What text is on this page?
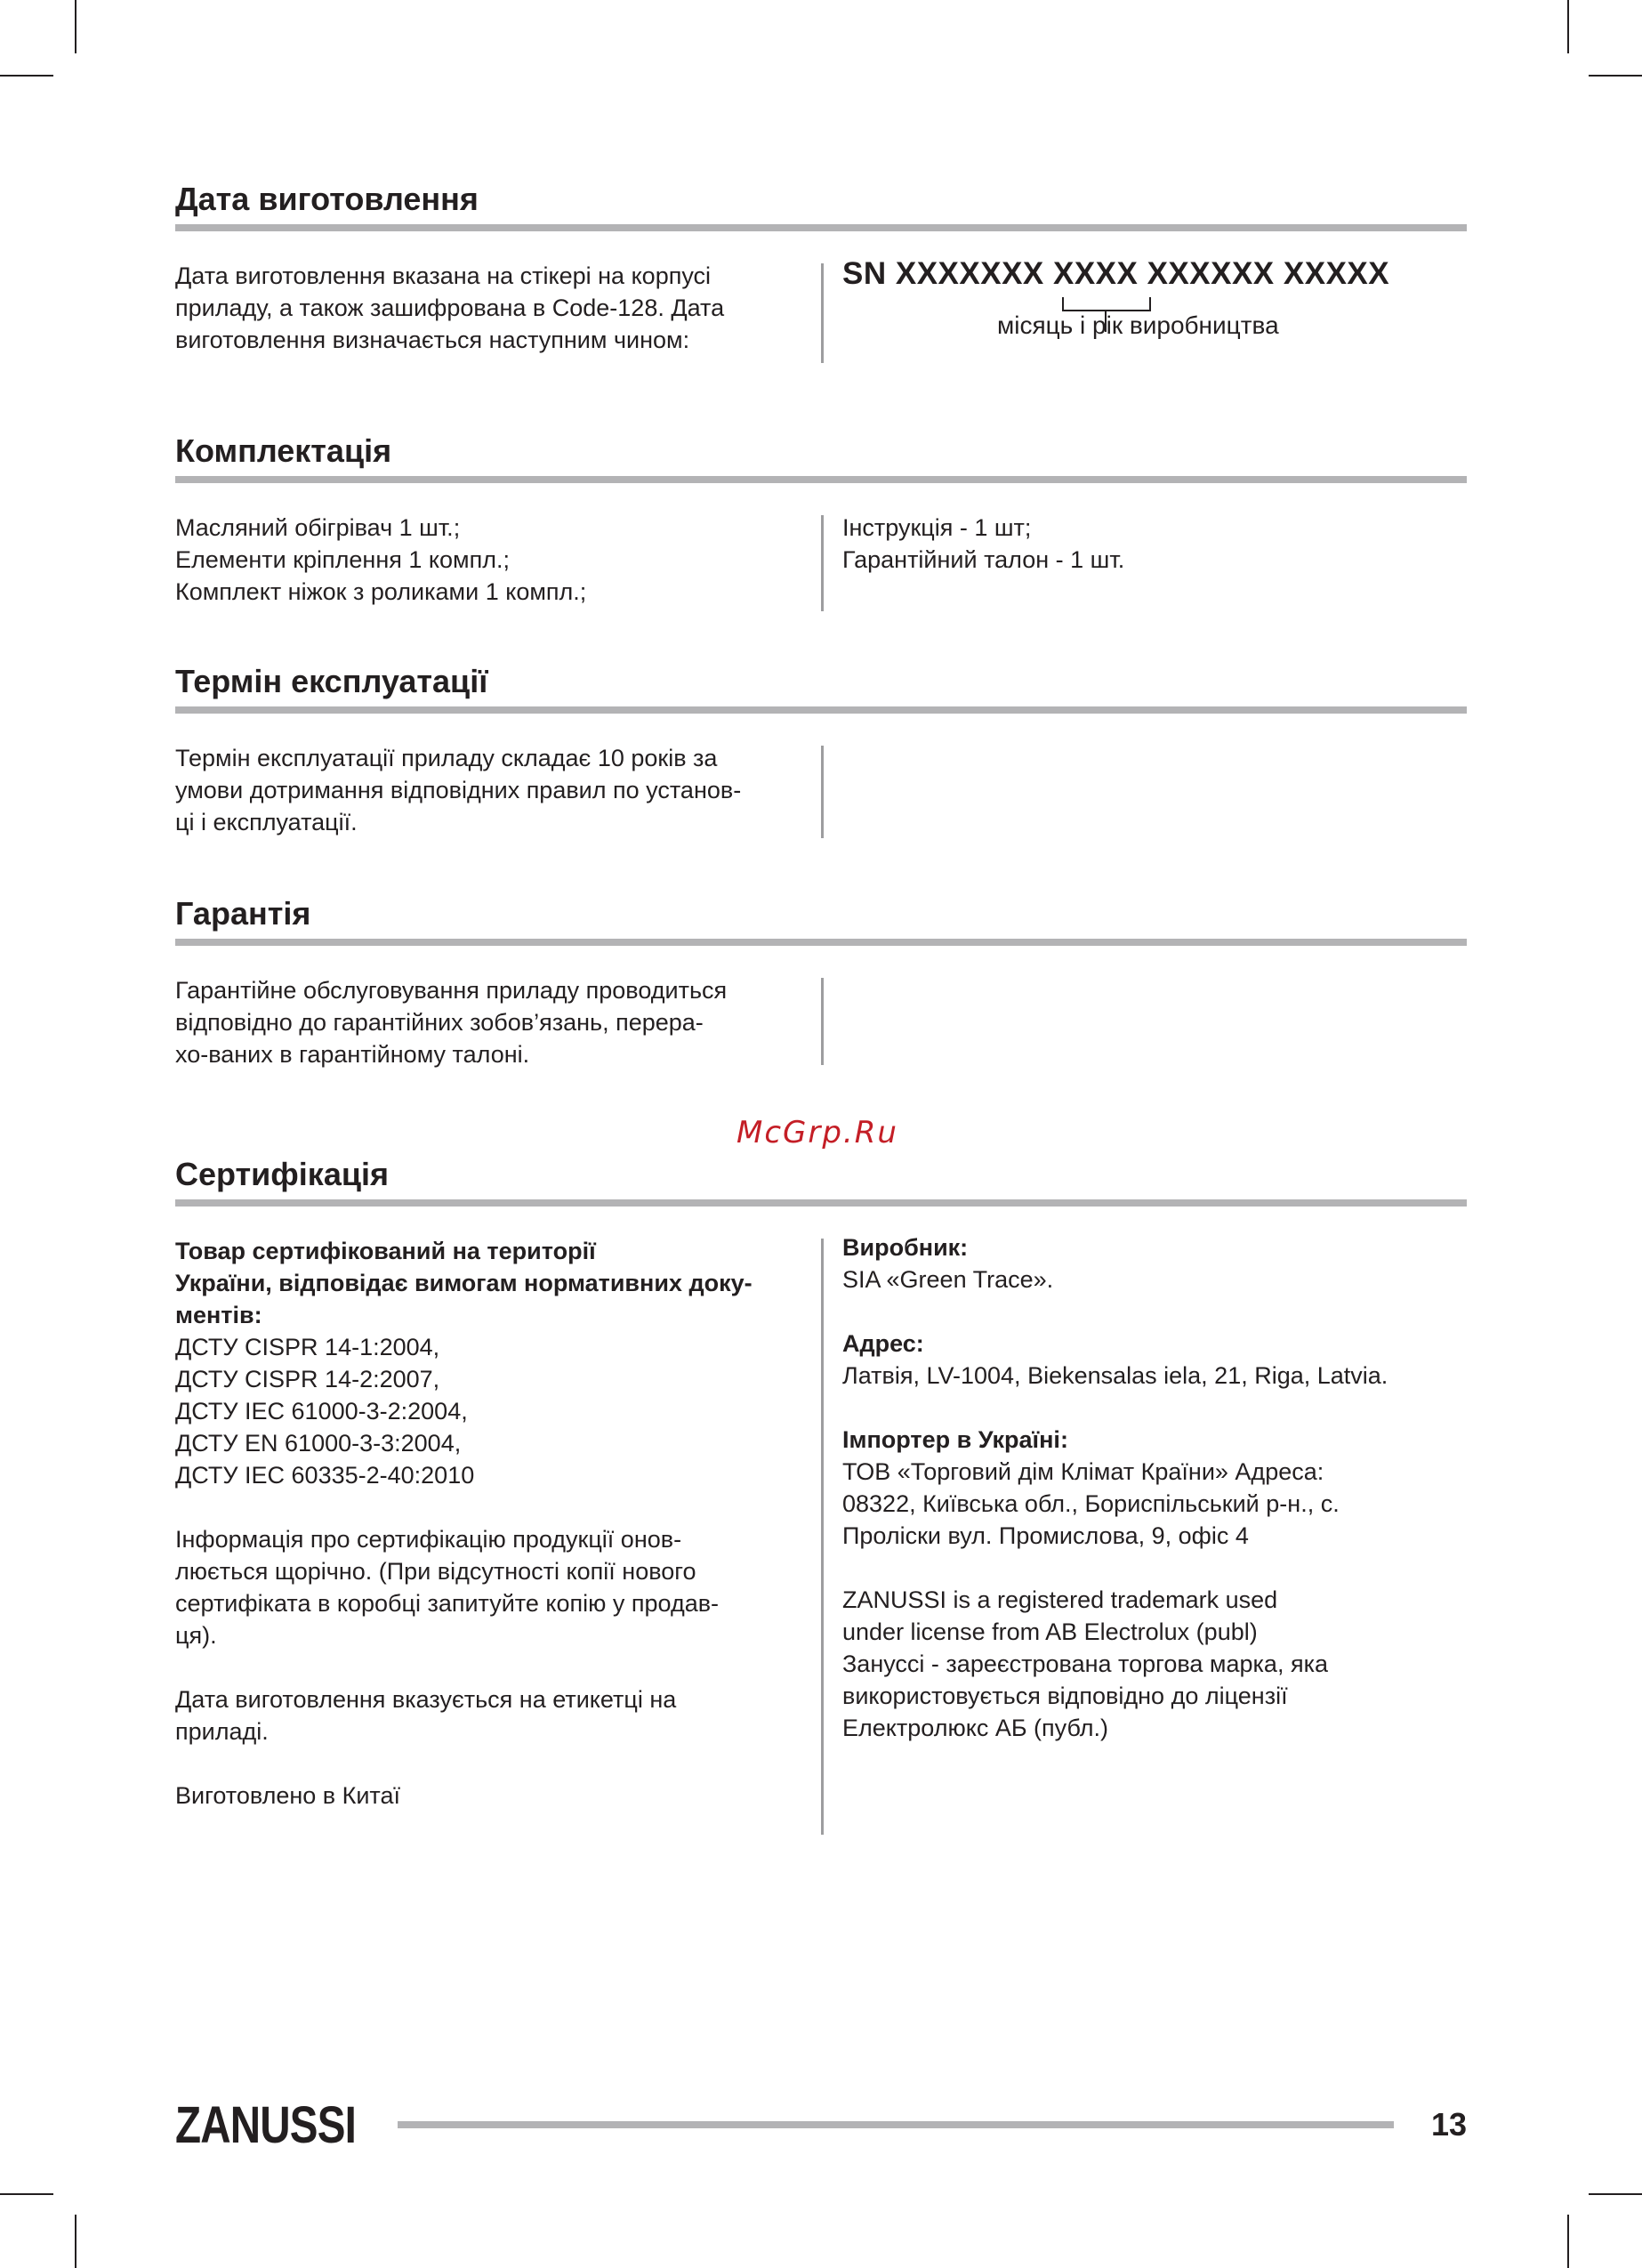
Дата виготовлення
Дата виготовлення вказана на стікері на корпусі
приладу, а також зашифрована в Code-128. Дата
виготовлення визначається наступним чином:
SN XXXXXXX XXXX XXXXXX XXXXX
місяць і рік виробництва
Комплектація
Масляний обігрівач 1 шт.;
Елементи кріплення 1 компл.;
Комплект ніжок з роликами 1 компл.;
Інструкція - 1 шт;
Гарантійний талон - 1 шт.
Термін експлуатації
Термін експлуатації приладу складає 10 років за
умови дотримання відповідних правил по установ-
ці і експлуатації.
Гарантія
Гарантійне обслуговування приладу проводиться
відповідно до гарантійних зобов’язань, перера-
хо-ваних в гарантійному талоні.
McGrp.Ru
Сертифікація
Товар сертифікований на території
України, відповідає вимогам нормативних доку-
ментів:
ДСТУ CISPR 14-1:2004,
ДСТУ CISPR 14-2:2007,
ДСТУ IEC 61000-3-2:2004,
ДСТУ EN 61000-3-3:2004,
ДСТУ IEC 60335-2-40:2010
Інформація про сертифікацію продукції онов-
люється щорічно. (При відсутності копії нового
сертифіката в коробці запитуйте копію у продав-
ця).
Дата виготовлення вказується на етикетці на
приладі.
Виготовлено в Китаї
Виробник:
SIA «Green Trace».
Адрес:
Латвія, LV-1004, Biekensalas iela, 21, Riga, Latvia.
Імпортер в Україні:
ТОВ «Торговий дім Клімат Країни» Адреса:
08322, Київська обл., Бориспільський р-н., с.
Проліски вул. Промислова, 9, офіс 4
ZANUSSI is a registered trademark used
under license from AB Electrolux (publ)
Занусcі - зареєстрована торгова марка, яка
використовується відповідно до ліцензії
Електролюкс АБ (публ.)
ZANUSSI	13
